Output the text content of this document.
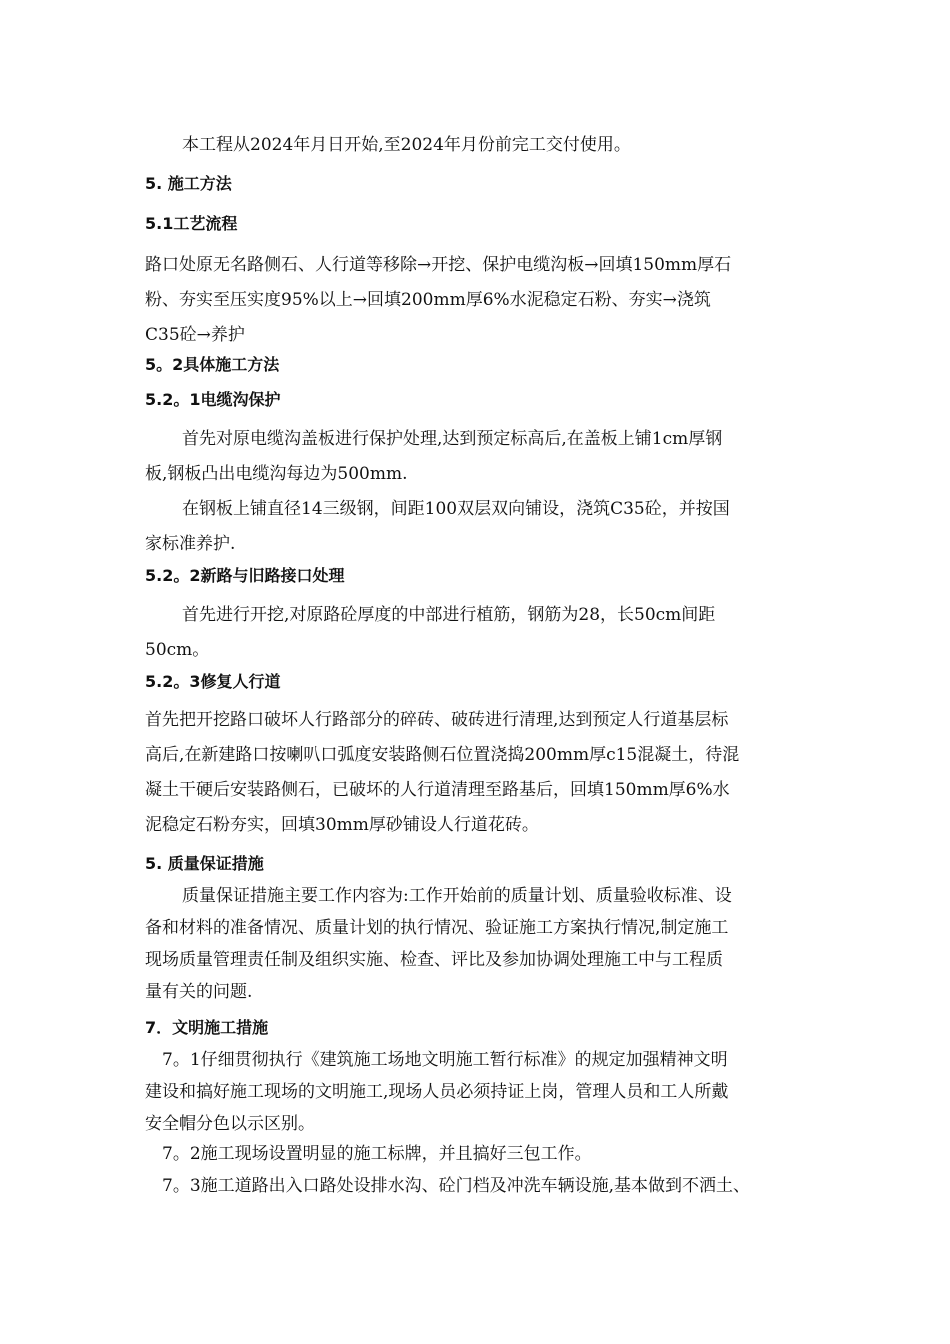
本工程从2024年月日开始,至2024年月份前完工交付使用。

5. 施工方法

5.1工艺流程

路口处原无名路侧石、人行道等移除→开挖、保护电缆沟板→回填150mm厚石
粉、夯实至压实度95%以上→回填200mm厚6%水泥稳定石粉、夯实→浇筑
C35砼→养护

5。2具体施工方法

5.2。1电缆沟保护

首先对原电缆沟盖板进行保护处理,达到预定标高后,在盖板上铺1cm厚钢
板,钢板凸出电缆沟每边为500mm.

在钢板上铺直径14三级钢，间距100双层双向铺设，浇筑C35砼，并按国
家标准养护.

5.2。2新路与旧路接口处理

首先进行开挖,对原路砼厚度的中部进行植筋，钢筋为28，长50cm间距
50cm。

5.2。3修复人行道

首先把开挖路口破坏人行路部分的碎砖、破砖进行清理,达到预定人行道基层标
高后,在新建路口按喇叭口弧度安装路侧石位置浇捣200mm厚c15混凝土，待混
凝土干硬后安装路侧石，已破坏的人行道清理至路基后，回填150mm厚6%水
泥稳定石粉夯实，回填30mm厚砂铺设人行道花砖。

5. 质量保证措施

质量保证措施主要工作内容为:工作开始前的质量计划、质量验收标准、设
备和材料的准备情况、质量计划的执行情况、验证施工方案执行情况,制定施工
现场质量管理责任制及组织实施、检查、评比及参加协调处理施工中与工程质
量有关的问题.

7．文明施工措施

7。1仔细贯彻执行《建筑施工场地文明施工暂行标准》的规定加强精神文明
建设和搞好施工现场的文明施工,现场人员必须持证上岗，管理人员和工人所戴
安全帽分色以示区别。

7。2施工现场设置明显的施工标牌，并且搞好三包工作。

7。3施工道路出入口路处设排水沟、砼门档及冲洗车辆设施,基本做到不洒土、
